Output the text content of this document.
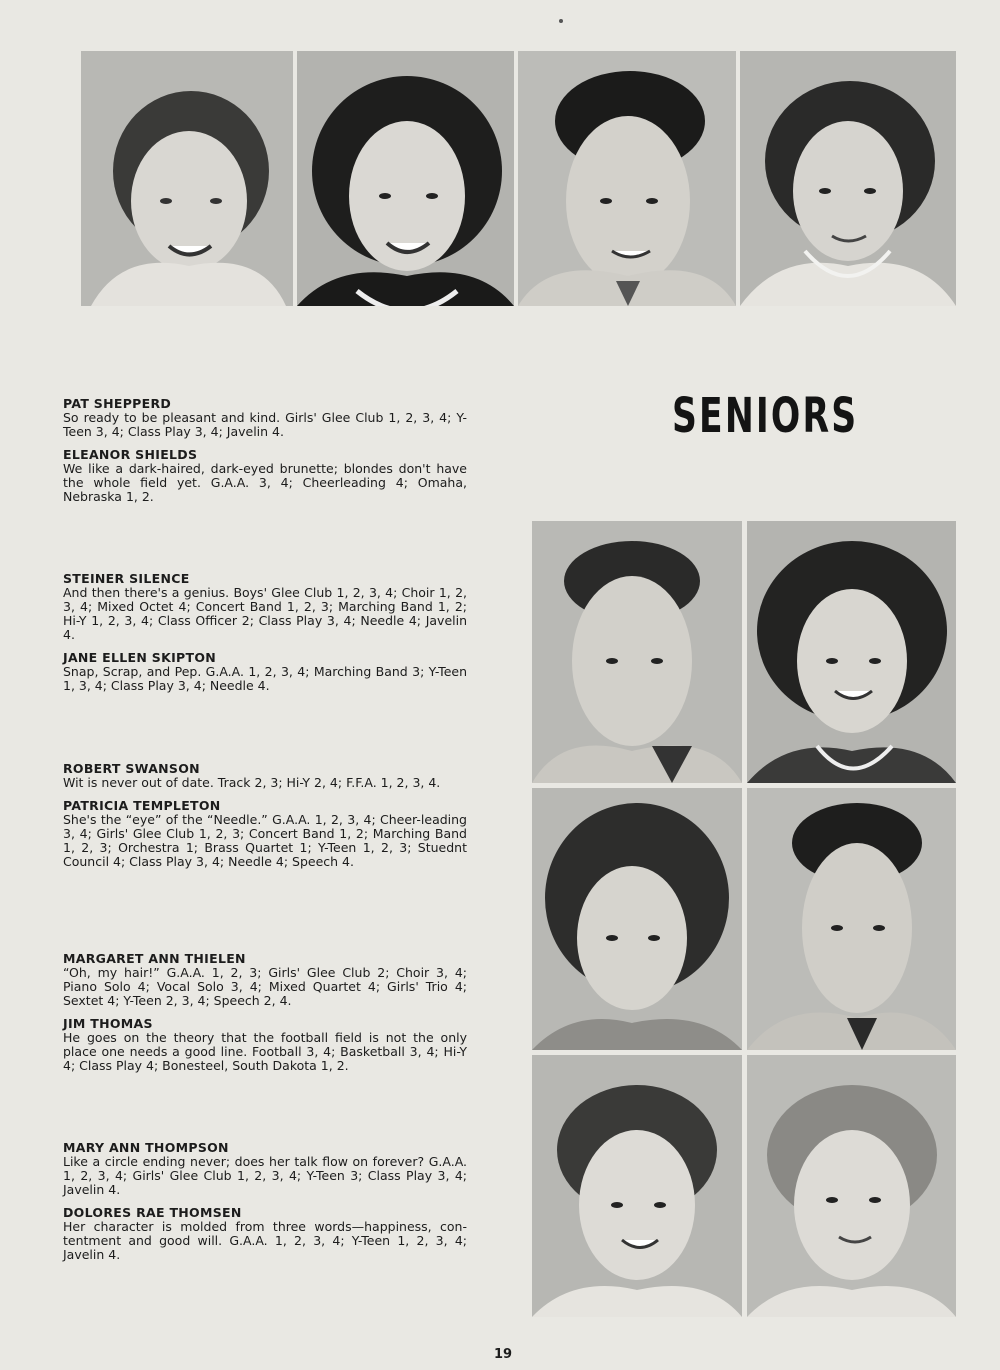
SENIORS
PAT SHEPPERD
So ready to be pleasant and kind. Girls' Glee Club 1, 2, 3, 4; Y-Teen 3, 4; Class Play 3, 4; Javelin 4.
ELEANOR SHIELDS
We like a dark-haired, dark-eyed brunette; blondes don't have the whole field yet. G.A.A. 3, 4; Cheerleading 4; Omaha, Nebraska 1, 2.
STEINER SILENCE
And then there's a genius. Boys' Glee Club 1, 2, 3, 4; Choir 1, 2, 3, 4; Mixed Octet 4; Concert Band 1, 2, 3; Marching Band 1, 2; Hi-Y 1, 2, 3, 4; Class Officer 2; Class Play 3, 4; Needle 4; Javelin 4.
JANE ELLEN SKIPTON
Snap, Scrap, and Pep. G.A.A. 1, 2, 3, 4; Marching Band 3; Y-Teen 1, 3, 4; Class Play 3, 4; Needle 4.
ROBERT SWANSON
Wit is never out of date. Track 2, 3; Hi-Y 2, 4; F.F.A. 1, 2, 3, 4.
PATRICIA TEMPLETON
She's the “eye” of the “Needle.” G.A.A. 1, 2, 3, 4; Cheer-leading 3, 4; Girls' Glee Club 1, 2, 3; Concert Band 1, 2; Marching Band 1, 2, 3; Orchestra 1; Brass Quartet 1; Y-Teen 1, 2, 3; Stuednt Council 4; Class Play 3, 4; Needle 4; Speech 4.
MARGARET ANN THIELEN
“Oh, my hair!” G.A.A. 1, 2, 3; Girls' Glee Club 2; Choir 3, 4; Piano Solo 4; Vocal Solo 3, 4; Mixed Quartet 4; Girls' Trio 4; Sextet 4; Y-Teen 2, 3, 4; Speech 2, 4.
JIM THOMAS
He goes on the theory that the football field is not the only place one needs a good line. Football 3, 4; Basketball 3, 4; Hi-Y 4; Class Play 4; Bonesteel, South Dakota 1, 2.
MARY ANN THOMPSON
Like a circle ending never; does her talk flow on forever? G.A.A. 1, 2, 3, 4; Girls' Glee Club 1, 2, 3, 4; Y-Teen 3; Class Play 3, 4; Javelin 4.
DOLORES RAE THOMSEN
Her character is molded from three words—happiness, con-tentment and good will. G.A.A. 1, 2, 3, 4; Y-Teen 1, 2, 3, 4; Javelin 4.
19
